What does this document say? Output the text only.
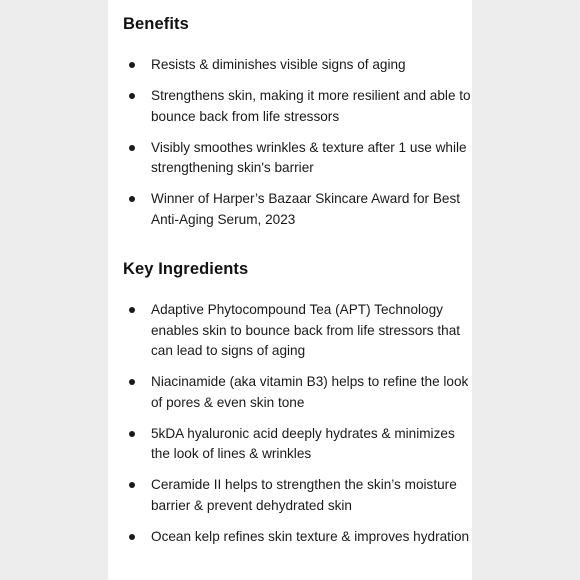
Benefits
Resists & diminishes visible signs of aging
Strengthens skin, making it more resilient and able to bounce back from life stressors
Visibly smoothes wrinkles & texture after 1 use while strengthening skin's barrier
Winner of Harper’s Bazaar Skincare Award for Best Anti-Aging Serum, 2023
Key Ingredients
Adaptive Phytocompound Tea (APT) Technology enables skin to bounce back from life stressors that can lead to signs of aging
Niacinamide (aka vitamin B3) helps to refine the look of pores & even skin tone
5kDA hyaluronic acid deeply hydrates & minimizes the look of lines & wrinkles
Ceramide II helps to strengthen the skin’s moisture barrier & prevent dehydrated skin
Ocean kelp refines skin texture & improves hydration
